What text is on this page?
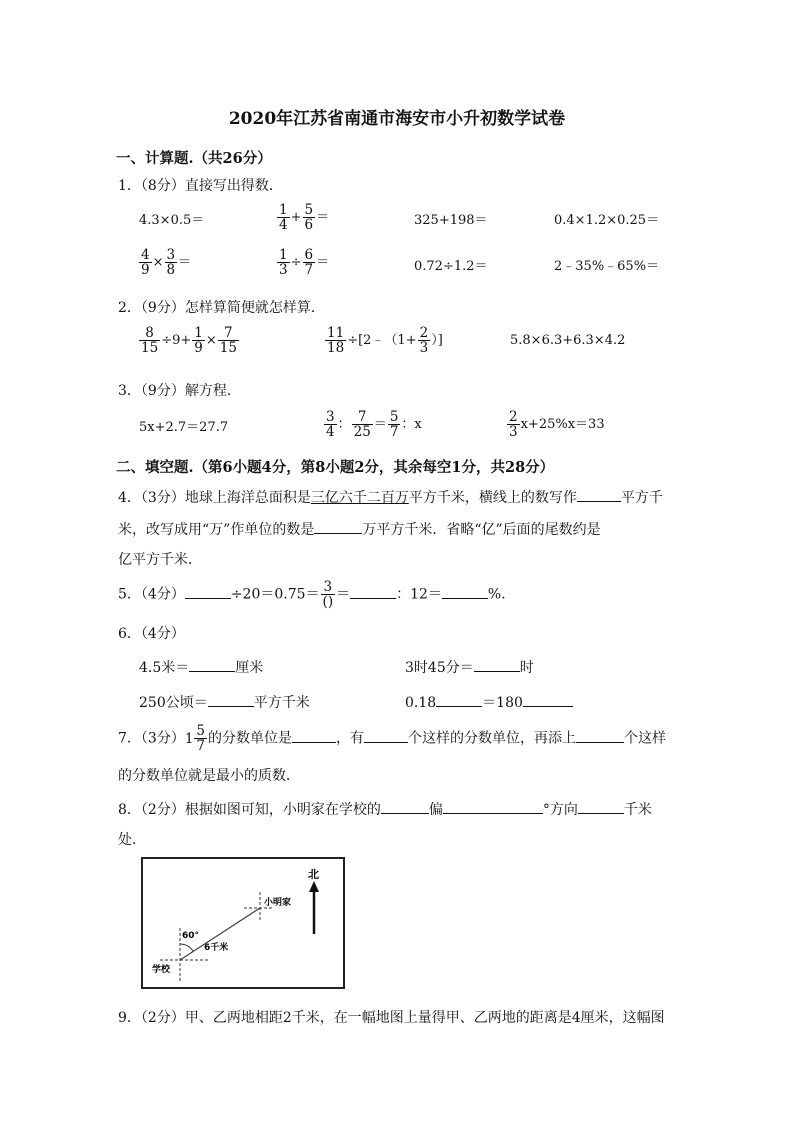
2020年江苏省南通市海安市小升初数学试卷
一、计算题.（共26分）
1．（8分）直接写出得数．
4.3×0.5＝	$\frac{1}{4} + \frac{5}{6}$ ＝	325+198＝	0.4×1.2×0.25＝
$\frac{4}{9} \times \frac{3}{8}$ ＝	$\frac{1}{3} \div \frac{6}{7}$ ＝	0.72÷1.2＝	2﹣35%﹣65%＝
2．（9分）怎样算简便就怎样算．
$\frac{8}{15} \div 9+ \frac{1}{9} \times \frac{7}{15}$	$\frac{11}{18}$ ÷[2﹣（1+ $\frac{2}{3}$ ）]	5.8×6.3+6.3×4.2
3．（9分）解方程．
5x+2.7＝27.7	$\frac{3}{4}$ ： $\frac{7}{25} = \frac{5}{7}$ ：x	$\frac{2}{3} x+25\%x=33$
二、填空题.（第6小题4分，第8小题2分，其余每空1分，共28分）
4．（3分）地球上海洋总面积是三亿六千二百万平方千米，横线上的数写作	平方千
米，改写成用“万”作单位的数是	万平方千米．省略“亿”后面的尾数约是
亿平方千米．
5．（4分）	÷20＝0.75＝ 3
() ＝	：12＝	%．
6．（4分）
4.5米＝	厘米	3时45分＝	时
250公顷＝	平方千米	0.18	＝180
7．（3分）$1 \frac{5}{7}$ 的分数单位是	，有	个这样的分数单位，再添上	个这样
的分数单位就是最小的质数．
8．（2分）根据如图可知，小明家在学校的	偏	°方向	千米
处．
北
60°
6千米
小明家
学校
9．（2分）甲、乙两地相距2千米，在一幅地图上量得甲、乙两地的距离是4厘米，这幅图
